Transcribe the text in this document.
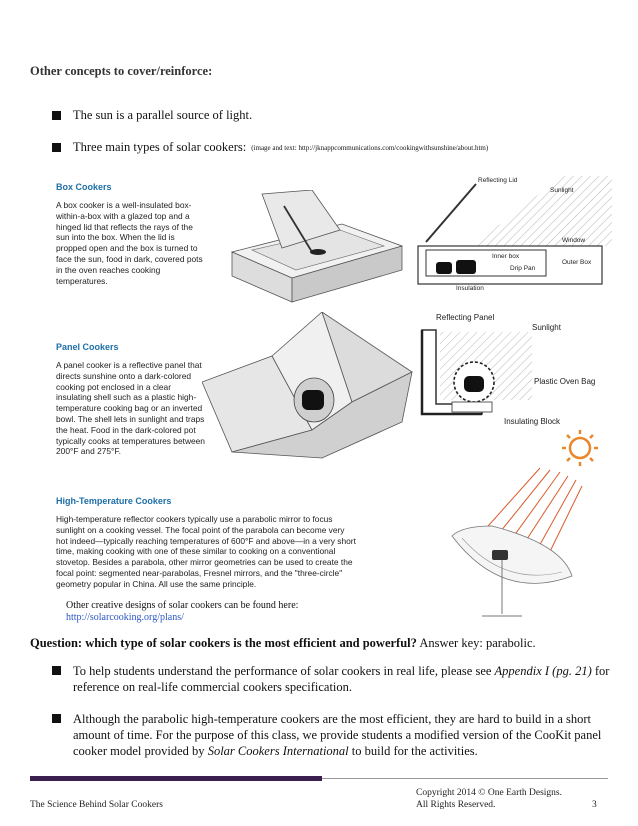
Other concepts to cover/reinforce:
The sun is a parallel source of light.
Three main types of solar cookers: (image and text: http://jknappcommunications.com/cookingwithsunshine/about.htm)
Box Cookers
A box cooker is a well-insulated box-
within-a-box with a glazed top and a
hinged lid that reflects the rays of the
sun into the box. When the lid is
propped open and the box is turned to
face the sun, food in dark, covered pots
in the oven reaches cooking
temperatures.
Reflecting Lid
Sunlight
Window
Inner box
Drip Pan
Outer Box
Insulation
Panel Cookers
A panel cooker is a reflective panel that
directs sunshine onto a dark-colored
cooking pot enclosed in a clear
insulating shell such as a plastic high-
temperature cooking bag or an inverted
bowl. The shell lets in sunlight and traps
the heat. Food in the dark-colored pot
typically cooks at temperatures between
200°F and 275°F.
Reflecting Panel
Sunlight
Plastic Oven Bag
Insulating Block
High-Temperature Cookers
High-temperature reflector cookers typically use a parabolic mirror to focus
sunlight on a cooking vessel. The focal point of the parabola can become very
hot indeed—typically reaching temperatures of 600°F and above—in a very short
time, making cooking with one of these similar to cooking on a conventional
stovetop. Besides a parabola, other mirror geometries can be used to create the
focal point: segmented near-parabolas, Fresnel mirrors, and the "three-circle"
geometry popular in China. All use the same principle.
Other creative designs of solar cookers can be found here:
http://solarcooking.org/plans/
Question: which type of solar cookers is the most efficient and powerful? Answer key: parabolic.
To help students understand the performance of solar cookers in real life, please see Appendix I (pg. 21) for reference on real-life commercial cookers specification.
Although the parabolic high-temperature cookers are the most efficient, they are hard to build in a short amount of time. For the purpose of this class, we provide students a modified version of the CooKit panel cooker model provided by Solar Cookers International to build for the activities.
The Science Behind Solar Cookers
Copyright 2014 © One Earth Designs.
All Rights Reserved.	3
